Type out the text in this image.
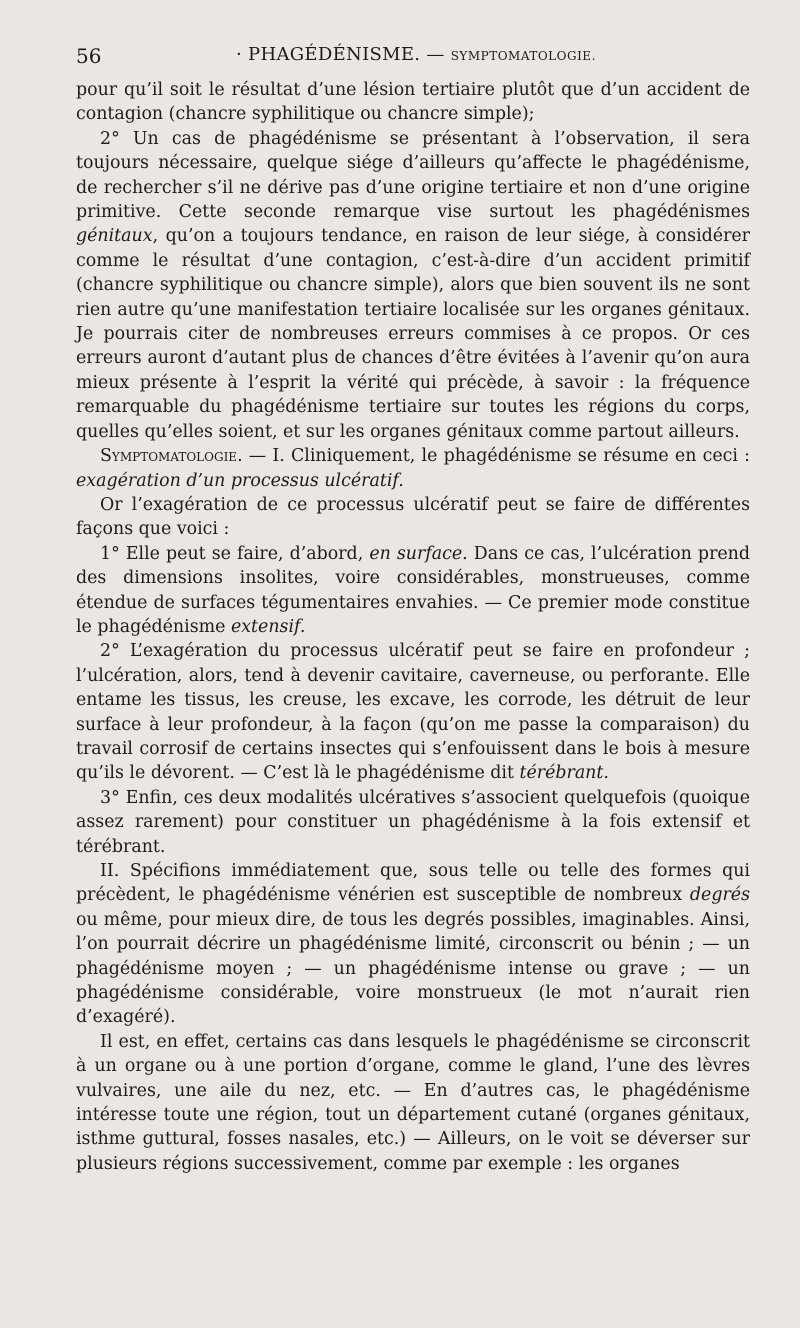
56	· PHAGÉDÉNISME. — SYMPTOMATOLOGIE.

pour qu’il soit le résultat d’une lésion tertiaire plutôt que d’un accident de contagion (chancre syphilitique ou chancre simple);

2° Un cas de phagédénisme se présentant à l’observation, il sera toujours nécessaire, quelque siége d’ailleurs qu’affecte le phagédénisme, de rechercher s’il ne dérive pas d’une origine tertiaire et non d’une origine primitive. Cette seconde remarque vise surtout les phagédénismes génitaux, qu’on a toujours tendance, en raison de leur siége, à considérer comme le résultat d’une contagion, c’est-à-dire d’un accident primitif (chancre syphilitique ou chancre simple), alors que bien souvent ils ne sont rien autre qu’une manifestation tertiaire localisée sur les organes génitaux. Je pourrais citer de nombreuses erreurs commises à ce propos. Or ces erreurs auront d’autant plus de chances d’être évitées à l’avenir qu’on aura mieux présente à l’esprit la vérité qui précède, à savoir : la fréquence remarquable du phagédénisme tertiaire sur toutes les régions du corps, quelles qu’elles soient, et sur les organes génitaux comme partout ailleurs.

Symptomatologie. — I. Cliniquement, le phagédénisme se résume en ceci : exagération d’un processus ulcératif.

Or l’exagération de ce processus ulcératif peut se faire de différentes façons que voici :

1° Elle peut se faire, d’abord, en surface. Dans ce cas, l’ulcération prend des dimensions insolites, voire considérables, monstrueuses, comme étendue de surfaces tégumentaires envahies. — Ce premier mode constitue le phagédénisme extensif.

2° L’exagération du processus ulcératif peut se faire en profondeur ; l’ulcération, alors, tend à devenir cavitaire, caverneuse, ou perforante. Elle entame les tissus, les creuse, les excave, les corrode, les détruit de leur surface à leur profondeur, à la façon (qu’on me passe la comparaison) du travail corrosif de certains insectes qui s’enfouissent dans le bois à mesure qu’ils le dévorent. — C’est là le phagédénisme dit térébrant.

3° Enfin, ces deux modalités ulcératives s’associent quelquefois (quoique assez rarement) pour constituer un phagédénisme à la fois extensif et térébrant.

II. Spécifions immédiatement que, sous telle ou telle des formes qui précèdent, le phagédénisme vénérien est susceptible de nombreux degrés ou même, pour mieux dire, de tous les degrés possibles, imaginables. Ainsi, l’on pourrait décrire un phagédénisme limité, circonscrit ou bénin ; — un phagédénisme moyen ; — un phagédénisme intense ou grave ; — un phagédénisme considérable, voire monstrueux (le mot n’aurait rien d’exagéré).

Il est, en effet, certains cas dans lesquels le phagédénisme se circonscrit à un organe ou à une portion d’organe, comme le gland, l’une des lèvres vulvaires, une aile du nez, etc. — En d’autres cas, le phagédénisme intéresse toute une région, tout un département cutané (organes génitaux, isthme guttural, fosses nasales, etc.) — Ailleurs, on le voit se déverser sur plusieurs régions successivement, comme par exemple : les organes
